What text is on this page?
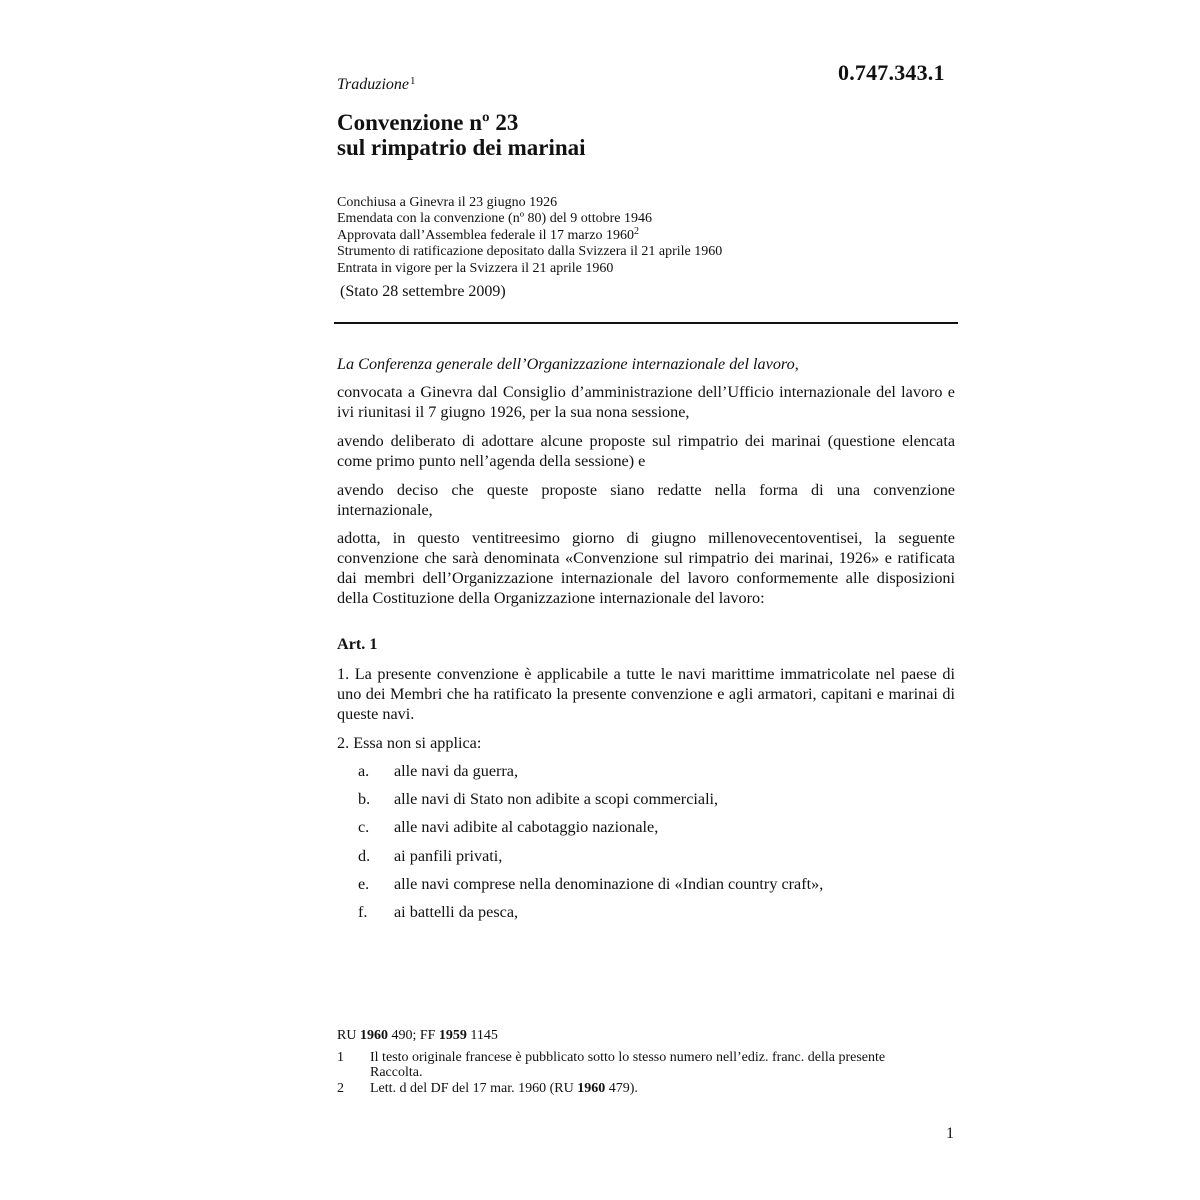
0.747.343.1
Traduzione$^1$
Convenzione nº 23
sul rimpatrio dei marinai
Conchiusa a Ginevra il 23 giugno 1926
Emendata con la convenzione (nº 80) del 9 ottobre 1946
Approvata dall’Assemblea federale il 17 marzo 1960$^2$
Strumento di ratificazione depositato dalla Svizzera il 21 aprile 1960
Entrata in vigore per la Svizzera il 21 aprile 1960
(Stato 28 settembre 2009)
La Conferenza generale dell’Organizzazione internazionale del lavoro,
convocata a Ginevra dal Consiglio d’amministrazione dell’Ufficio internazionale del lavoro e ivi riunitasi il 7 giugno 1926, per la sua nona sessione,
avendo deliberato di adottare alcune proposte sul rimpatrio dei marinai (questione elencata come primo punto nell’agenda della sessione) e
avendo deciso che queste proposte siano redatte nella forma di una convenzione internazionale,
adotta, in questo ventitreesimo giorno di giugno millenovecentoventisei, la seguente convenzione che sarà denominata «Convenzione sul rimpatrio dei marinai, 1926» e ratificata dai membri dell’Organizzazione internazionale del lavoro conformemente alle disposizioni della Costituzione della Organizzazione internazionale del lavoro:
Art. 1
1. La presente convenzione è applicabile a tutte le navi marittime immatricolate nel paese di uno dei Membri che ha ratificato la presente convenzione e agli armatori, capitani e marinai di queste navi.
2. Essa non si applica:
a. alle navi da guerra,
b. alle navi di Stato non adibite a scopi commerciali,
c. alle navi adibite al cabotaggio nazionale,
d. ai panfili privati,
e. alle navi comprese nella denominazione di «Indian country craft»,
f. ai battelli da pesca,
RU 1960 490; FF 1959 1145
1	Il testo originale francese è pubblicato sotto lo stesso numero nell’ediz. franc. della presente Raccolta.
2	Lett. d del DF del 17 mar. 1960 (RU 1960 479).
1
